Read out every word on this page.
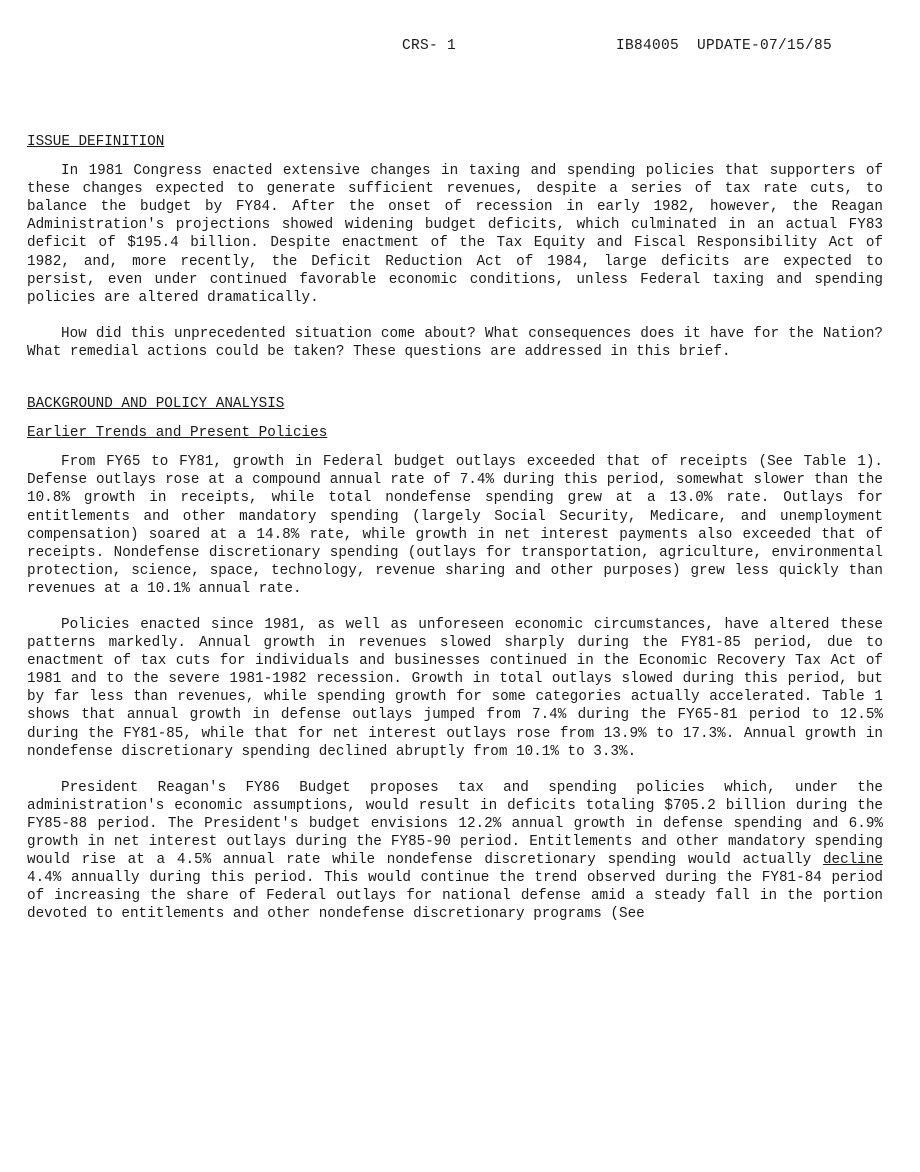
CRS- 1	IB84005 UPDATE-07/15/85
ISSUE DEFINITION

In 1981 Congress enacted extensive changes in taxing and spending policies that supporters of these changes expected to generate sufficient revenues, despite a series of tax rate cuts, to balance the budget by FY84. After the onset of recession in early 1982, however, the Reagan Administration's projections showed widening budget deficits, which culminated in an actual FY83 deficit of $195.4 billion. Despite enactment of the Tax Equity and Fiscal Responsibility Act of 1982, and, more recently, the Deficit Reduction Act of 1984, large deficits are expected to persist, even under continued favorable economic conditions, unless Federal taxing and spending policies are altered dramatically.

How did this unprecedented situation come about? What consequences does it have for the Nation? What remedial actions could be taken? These questions are addressed in this brief.

BACKGROUND AND POLICY ANALYSIS
Earlier Trends and Present Policies

From FY65 to FY81, growth in Federal budget outlays exceeded that of receipts (See Table 1). Defense outlays rose at a compound annual rate of 7.4% during this period, somewhat slower than the 10.8% growth in receipts, while total nondefense spending grew at a 13.0% rate. Outlays for entitlements and other mandatory spending (largely Social Security, Medicare, and unemployment compensation) soared at a 14.8% rate, while growth in net interest payments also exceeded that of receipts. Nondefense discretionary spending (outlays for transportation, agriculture, environmental protection, science, space, technology, revenue sharing and other purposes) grew less quickly than revenues at a 10.1% annual rate.

Policies enacted since 1981, as well as unforeseen economic circumstances, have altered these patterns markedly. Annual growth in revenues slowed sharply during the FY81-85 period, due to enactment of tax cuts for individuals and businesses continued in the Economic Recovery Tax Act of 1981 and to the severe 1981-1982 recession. Growth in total outlays slowed during this period, but by far less than revenues, while spending growth for some categories actually accelerated. Table 1 shows that annual growth in defense outlays jumped from 7.4% during the FY65-81 period to 12.5% during the FY81-85, while that for net interest outlays rose from 13.9% to 17.3%. Annual growth in nondefense discretionary spending declined abruptly from 10.1% to 3.3%.

President Reagan's FY86 Budget proposes tax and spending policies which, under the administration's economic assumptions, would result in deficits totaling $705.2 billion during the FY85-88 period. The President's budget envisions 12.2% annual growth in defense spending and 6.9% growth in net interest outlays during the FY85-90 period. Entitlements and other mandatory spending would rise at a 4.5% annual rate while nondefense discretionary spending would actually decline 4.4% annually during this period. This would continue the trend observed during the FY81-84 period of increasing the share of Federal outlays for national defense amid a steady fall in the portion devoted to entitlements and other nondefense discretionary programs (See
